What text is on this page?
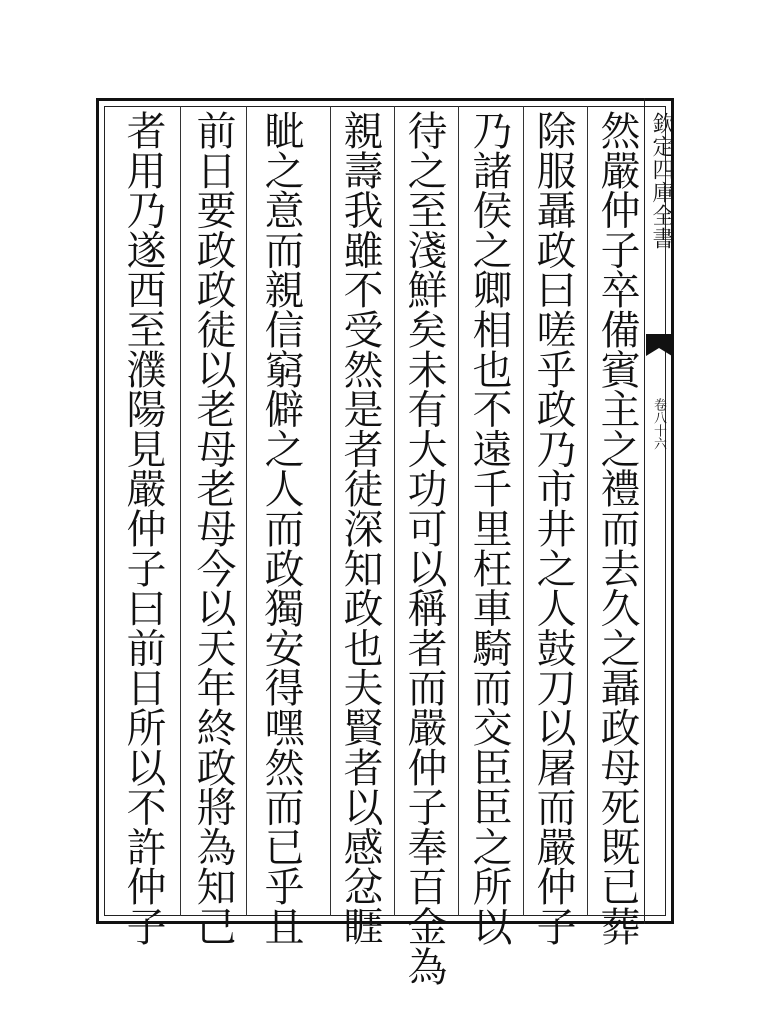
欽定四庫全書
卷八十六
然嚴仲子卒備賓主之禮而去久之聶政母死既已葬
除服聶政曰嗟乎政乃市井之人鼓刀以屠而嚴仲子
乃諸侯之卿相也不遠千里枉車騎而交臣臣之所以
待之至淺鮮矣未有大功可以稱者而嚴仲子奉百金為
親壽我雖不受然是者徒深知政也夫賢者以感忿睚
眦之意而親信窮僻之人而政獨安得嘿然而已乎且
前日要政政徒以老母老母今以天年終政將為知己
者用乃遂西至濮陽見嚴仲子曰前日所以不許仲子
